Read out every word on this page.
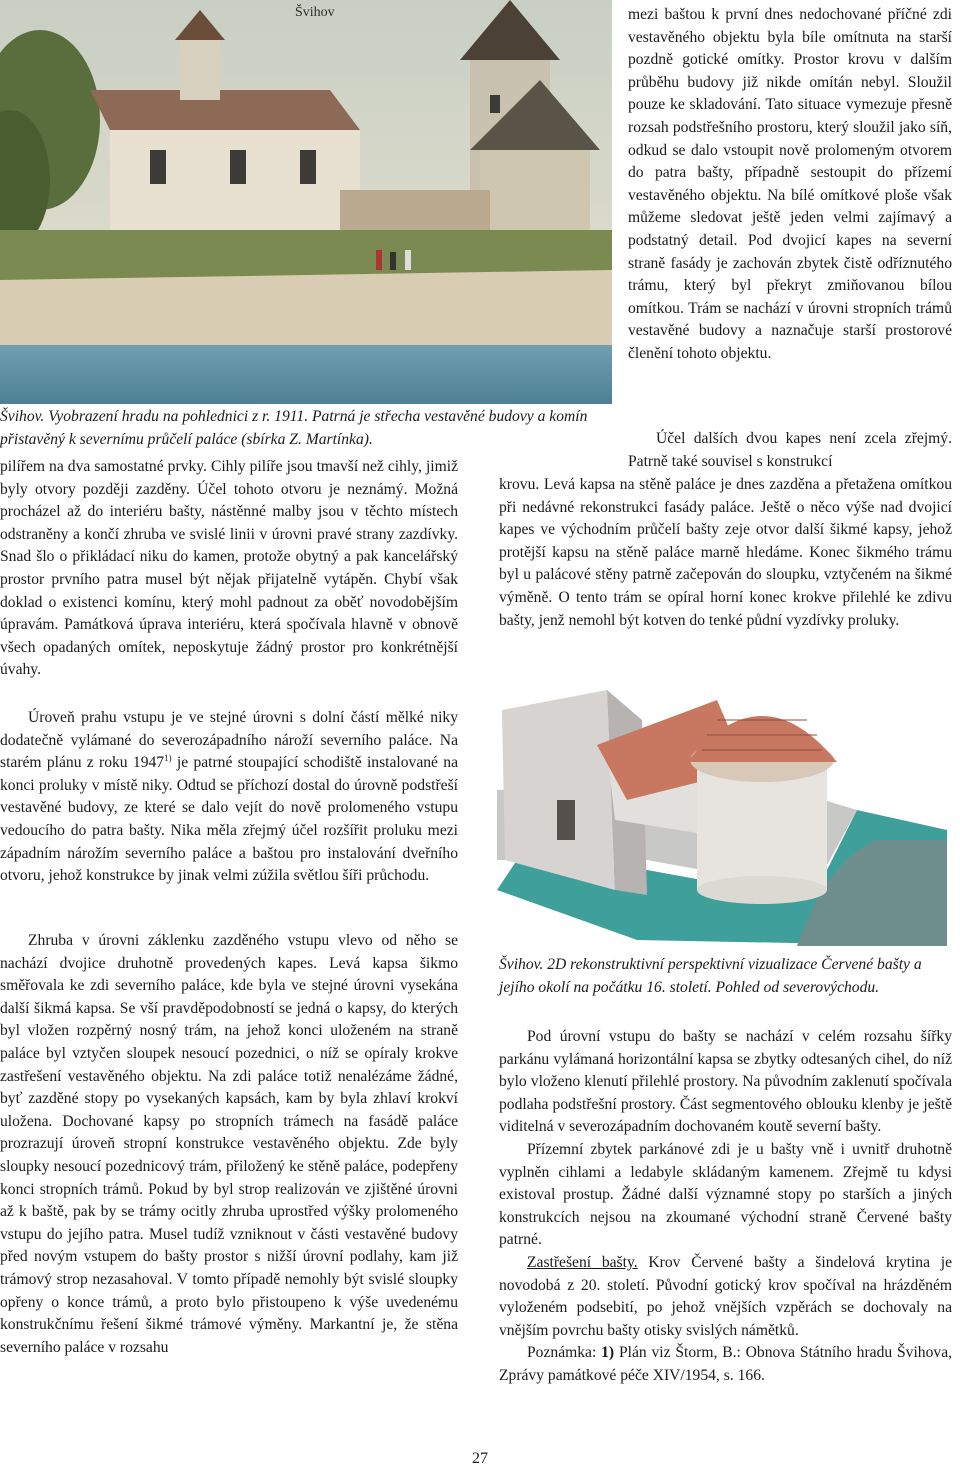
Švihov	mezi baštou k první dnes nedochované příčné zdi vestavěného objektu byla bíle omítnuta na starší pozdně gotické omítky. Prostor krovu v dalším průběhu budovy již nikde omítán nebyl. Sloužil pouze ke skladování. Tato situace vymezuje přesně rozsah podstřešního prostoru, který sloužil jako síň, odkud se dalo vstoupit nově prolomeným otvorem do patra bašty, případně sestoupit do přízemí vestavěného objektu. Na bílé omítkové ploše však můžeme sledovat ještě jeden velmi zajímavý a podstatný detail. Pod dvojicí kapes na severní straně fasády je zachován zbytek čistě odříznutého trámu, který byl překryt zmiňovanou bílou omítkou. Trám se nachází v úrovni stropních trámů vestavěné budovy a naznačuje starší prostorové členění tohoto objektu.

Švihov. Vyobrazení hradu na pohlednici z r. 1911. Patrná je střecha vestavěné budovy a komín přistavěný k severnímu průčelí paláce (sbírka Z. Martínka).	Účel dalších dvou kapes není zcela zřejmý. Patrně také souvisel s konstrukcí

pilířem na dva samostatné prvky. Cihly pilíře jsou tmavší než cihly, jimiž byly otvory později zazděny. Účel tohoto otvoru je neznámý. Možná procházel až do interiéru bašty, nástěnné malby jsou v těchto místech odstraněny a končí zhruba ve svislé linii v úrovni pravé strany zazdívky. Snad šlo o přikládací niku do kamen, protože obytný a pak kancelářský prostor prvního patra musel být nějak přijatelně vytápěn. Chybí však doklad o existenci komínu, který mohl padnout za oběť novodobějším úpravám. Památková úprava interiéru, která spočívala hlavně v obnově všech opadaných omítek, neposkytuje žádný prostor pro konkrétnější úvahy.

krovu. Levá kapsa na stěně paláce je dnes zazděna a přetažena omítkou při nedávné rekonstrukci fasády paláce. Ještě o něco výše nad dvojicí kapes ve východním průčelí bašty zeje otvor další šikmé kapsy, jehož protější kapsu na stěně paláce marně hledáme. Konec šikmého trámu byl u palácové stěny patrně začepován do sloupku, vztyčeném na šikmé výměně. O tento trám se opíral horní konec krokve přilehlé ke zdivu bašty, jenž nemohl být kotven do tenké půdní vyzdívky proluky.

Švihov. 2D rekonstruktivní perspektivní vizualizace Červené bašty a jejího okolí na počátku 16. století. Pohled od severovýchodu.

Úroveň prahu vstupu je ve stejné úrovni s dolní částí mělké niky dodatečně vylámané do severozápadního nároží severního paláce. Na starém plánu z roku 1947$^{1)}$ je patrné stoupající schodiště instalované na konci proluky v místě niky. Odtud se příchozí dostal do úrovně podstřeší vestavěné budovy, ze které se dalo vejít do nově prolomeného vstupu vedoucího do patra bašty. Nika měla zřejmý účel rozšířit proluku mezi západním nárožím severního paláce a baštou pro instalování dveřního otvoru, jehož konstrukce by jinak velmi zúžila světlou šíři průchodu.

Zhruba v úrovni záklenku zazděného vstupu vlevo od něho se nachází dvojice druhotně provedených kapes. Levá kapsa šikmo směřovala ke zdi severního paláce, kde byla ve stejné úrovni vysekána další šikmá kapsa. Se vší pravděpodobností se jedná o kapsy, do kterých byl vložen rozpěrný nosný trám, na jehož konci uloženém na straně paláce byl vztyčen sloupek nesoucí pozednici, o níž se opíraly krokve zastřešení vestavěného objektu. Na zdi paláce totiž nenalézáme žádné, byť zazděné stopy po vysekaných kapsách, kam by byla zhlaví krokví uložena. Dochované kapsy po stropních trámech na fasádě paláce prozrazují úroveň stropní konstrukce vestavěného objektu. Zde byly sloupky nesoucí pozednicový trám, přiložený ke stěně paláce, podepřeny konci stropních trámů. Pokud by byl strop realizován ve zjištěné úrovni až k baště, pak by se trámy ocitly zhruba uprostřed výšky prolomeného vstupu do jejího patra. Musel tudíž vzniknout v části vestavěné budovy před novým vstupem do bašty prostor s nižší úrovní podlahy, kam již trámový strop nezasahoval. V tomto případě nemohly být svislé sloupky opřeny o konce trámů, a proto bylo přistoupeno k výše uvedenému konstrukčnímu řešení šikmé trámové výměny. Markantní je, že stěna severního paláce v rozsahu

Pod úrovní vstupu do bašty se nachází v celém rozsahu šířky parkánu vylámaná horizontální kapsa se zbytky odtesaných cihel, do níž bylo vloženo klenutí přilehlé prostory. Na původním zaklenutí spočívala podlaha podstřešní prostory. Část segmentového oblouku klenby je ještě viditelná v severozápadním dochovaném koutě severní bašty.

Přízemní zbytek parkánové zdi je u bašty vně i uvnitř druhotně vyplněn cihlami a ledabyle skládaným kamenem. Zřejmě tu kdysi existoval prostup. Žádné další významné stopy po starších a jiných konstrukcích nejsou na zkoumané východní straně Červené bašty patrné.

Zastřešení bašty. Krov Červené bašty a šindelová krytina je novodobá z 20. století. Původní gotický krov spočíval na hrázděném vyloženém podsebití, po jehož vnějších vzpěrách se dochovaly na vnějším povrchu bašty otisky svislých námětků.

Poznámka: 1) Plán viz Štorm, B.: Obnova Státního hradu Švihova, Zprávy památkové péče XIV/1954, s. 166.

27
